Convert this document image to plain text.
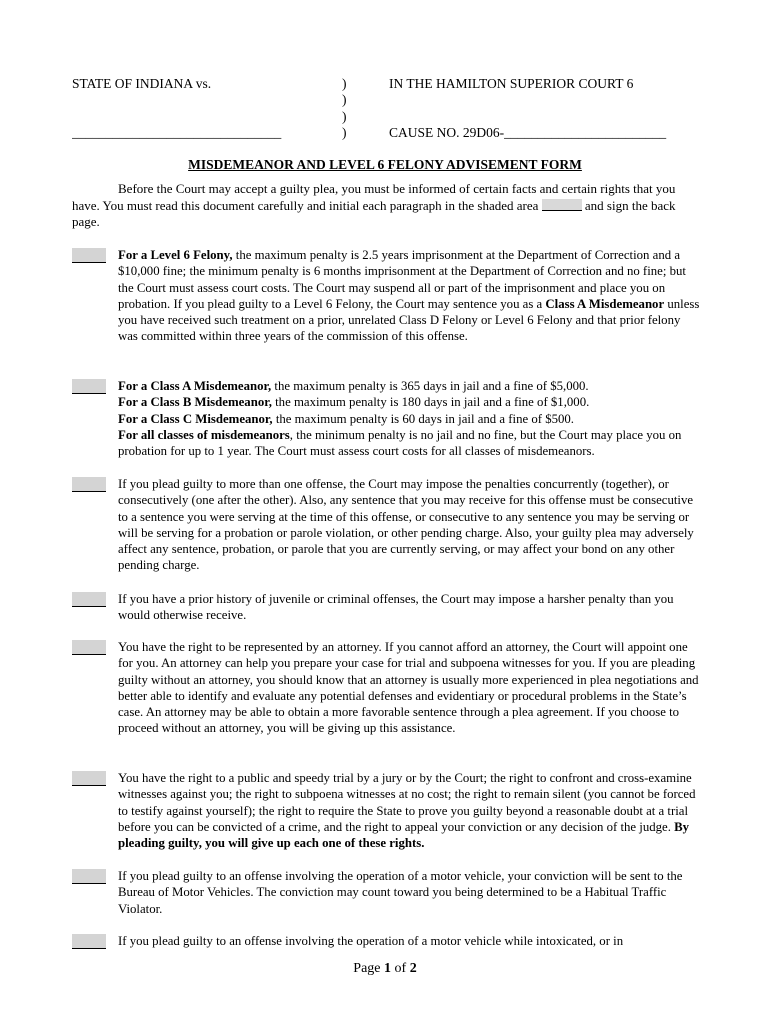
STATE OF INDIANA vs.
_______________________________
)
)
)
)
IN THE HAMILTON SUPERIOR COURT 6
CAUSE NO. 29D06-________________________
MISDEMEANOR AND LEVEL 6 FELONY ADVISEMENT FORM
Before the Court may accept a guilty plea, you must be informed of certain facts and certain rights that you have. You must read this document carefully and initial each paragraph in the shaded area	and sign the back page.
For a Level 6 Felony, the maximum penalty is 2.5 years imprisonment at the Department of Correction and a $10,000 fine; the minimum penalty is 6 months imprisonment at the Department of Correction and no fine; but the Court must assess court costs. The Court may suspend all or part of the imprisonment and place you on probation. If you plead guilty to a Level 6 Felony, the Court may sentence you as a Class A Misdemeanor unless you have received such treatment on a prior, unrelated Class D Felony or Level 6 Felony and that prior felony was committed within three years of the commission of this offense.

For a Class A Misdemeanor, the maximum penalty is 365 days in jail and a fine of $5,000.

For a Class B Misdemeanor, the maximum penalty is 180 days in jail and a fine of $1,000.

For a Class C Misdemeanor, the maximum penalty is 60 days in jail and a fine of $500.

For all classes of misdemeanors, the minimum penalty is no jail and no fine, but the Court may place you on probation for up to 1 year. The Court must assess court costs for all classes of misdemeanors.

If you plead guilty to more than one offense, the Court may impose the penalties concurrently (together), or consecutively (one after the other). Also, any sentence that you may receive for this offense must be consecutive to a sentence you were serving at the time of this offense, or consecutive to any sentence you may be serving or will be serving for a probation or parole violation, or other pending charge. Also, your guilty plea may adversely affect any sentence, probation, or parole that you are currently serving, or may affect your bond on any other pending charge.
If you have a prior history of juvenile or criminal offenses, the Court may impose a harsher penalty than you would otherwise receive.
You have the right to be represented by an attorney. If you cannot afford an attorney, the Court will appoint one for you. An attorney can help you prepare your case for trial and subpoena witnesses for you. If you are pleading guilty without an attorney, you should know that an attorney is usually more experienced in plea negotiations and better able to identify and evaluate any potential defenses and evidentiary or procedural problems in the State’s case. An attorney may be able to obtain a more favorable sentence through a plea agreement. If you choose to proceed without an attorney, you will be giving up this assistance.
You have the right to a public and speedy trial by a jury or by the Court; the right to confront and cross-examine witnesses against you; the right to subpoena witnesses at no cost; the right to remain silent (you cannot be forced to testify against yourself); the right to require the State to prove you guilty beyond a reasonable doubt at a trial before you can be convicted of a crime, and the right to appeal your conviction or any decision of the judge. By pleading guilty, you will give up each one of these rights.
If you plead guilty to an offense involving the operation of a motor vehicle, your conviction will be sent to the Bureau of Motor Vehicles. The conviction may count toward you being determined to be a Habitual Traffic Violator.
If you plead guilty to an offense involving the operation of a motor vehicle while intoxicated, or in
Page 1 of 2
